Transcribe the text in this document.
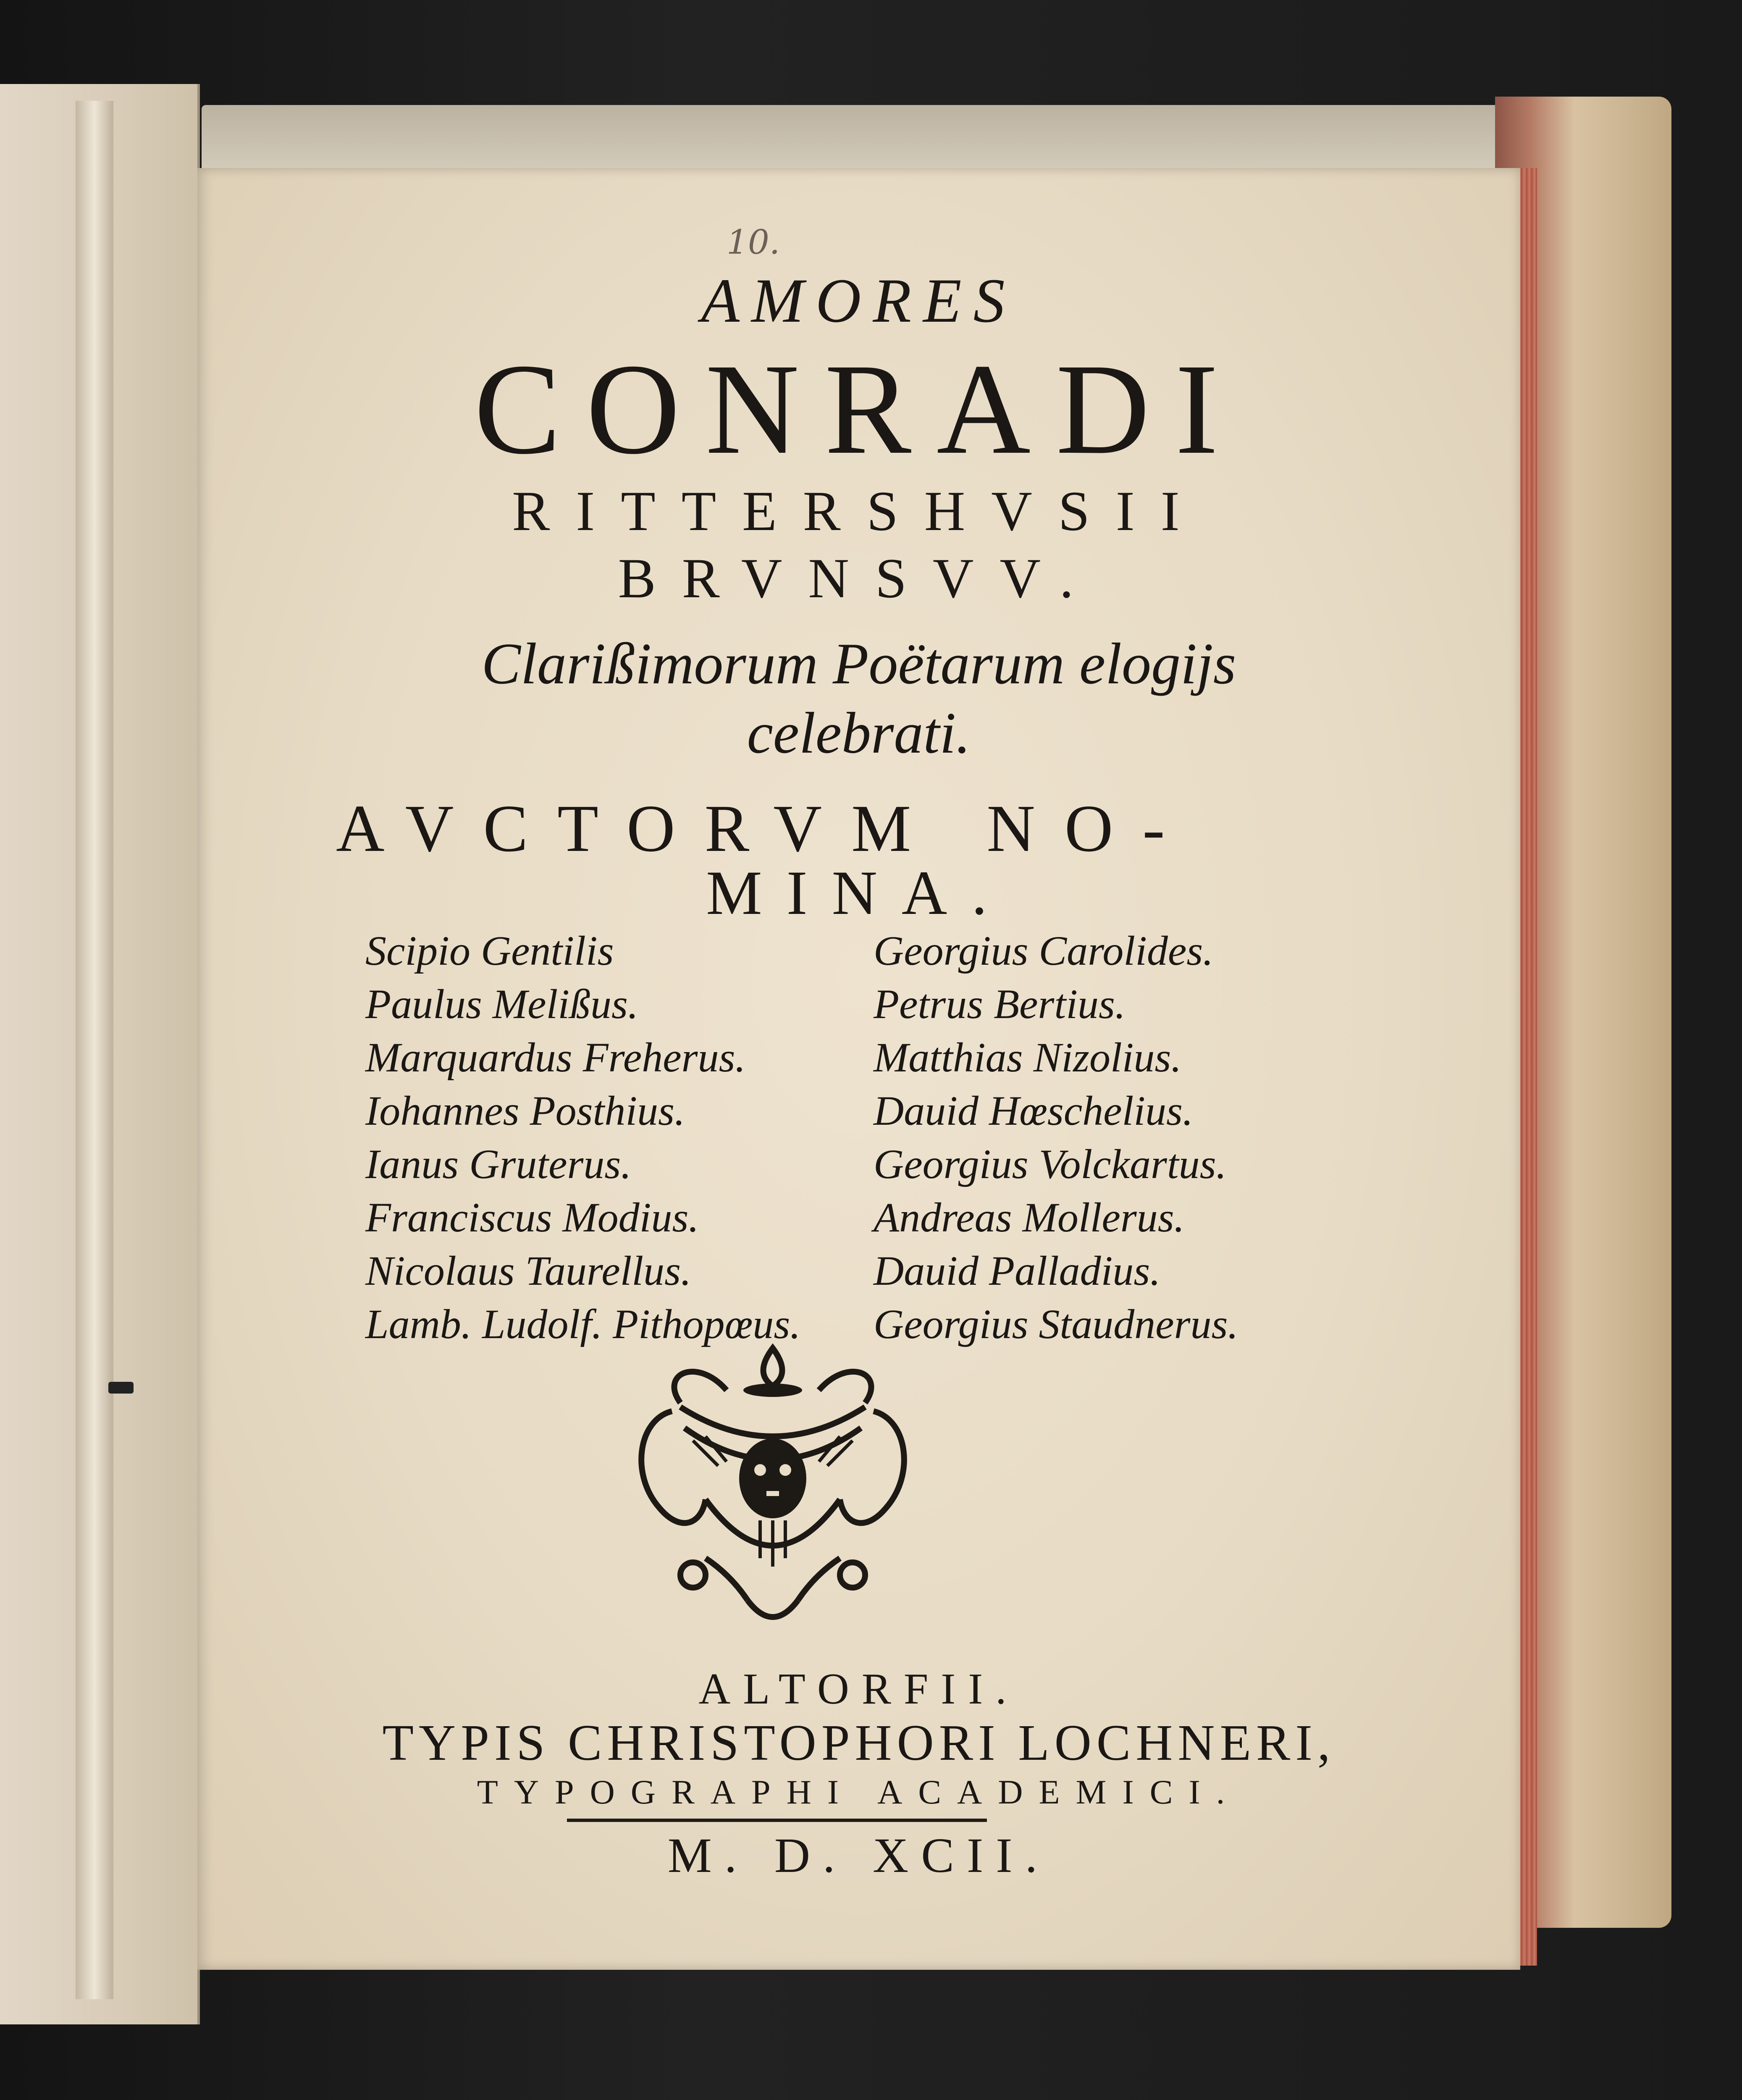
10.
AMORES
CONRADI
RITTERSHVSII
BRVNSVV.
Clarißimorum Poëtarum elogijs
celebrati.
AVCTORVM NO-
MINA.
Scipio Gentilis
Paulus Melißus.
Marquardus Freherus.
Iohannes Posthius.
Ianus Gruterus.
Franciscus Modius.
Nicolaus Taurellus.
Lamb. Ludolf. Pithopœus.
Georgius Carolides.
Petrus Bertius.
Matthias Nizolius.
Dauid Hœschelius.
Georgius Volckartus.
Andreas Mollerus.
Dauid Palladius.
Georgius Staudnerus.
ALTORFII.
TYPIS CHRISTOPHORI LOCHNERI,
TYPOGRAPHI ACADEMICI.
M. D. XCII.
